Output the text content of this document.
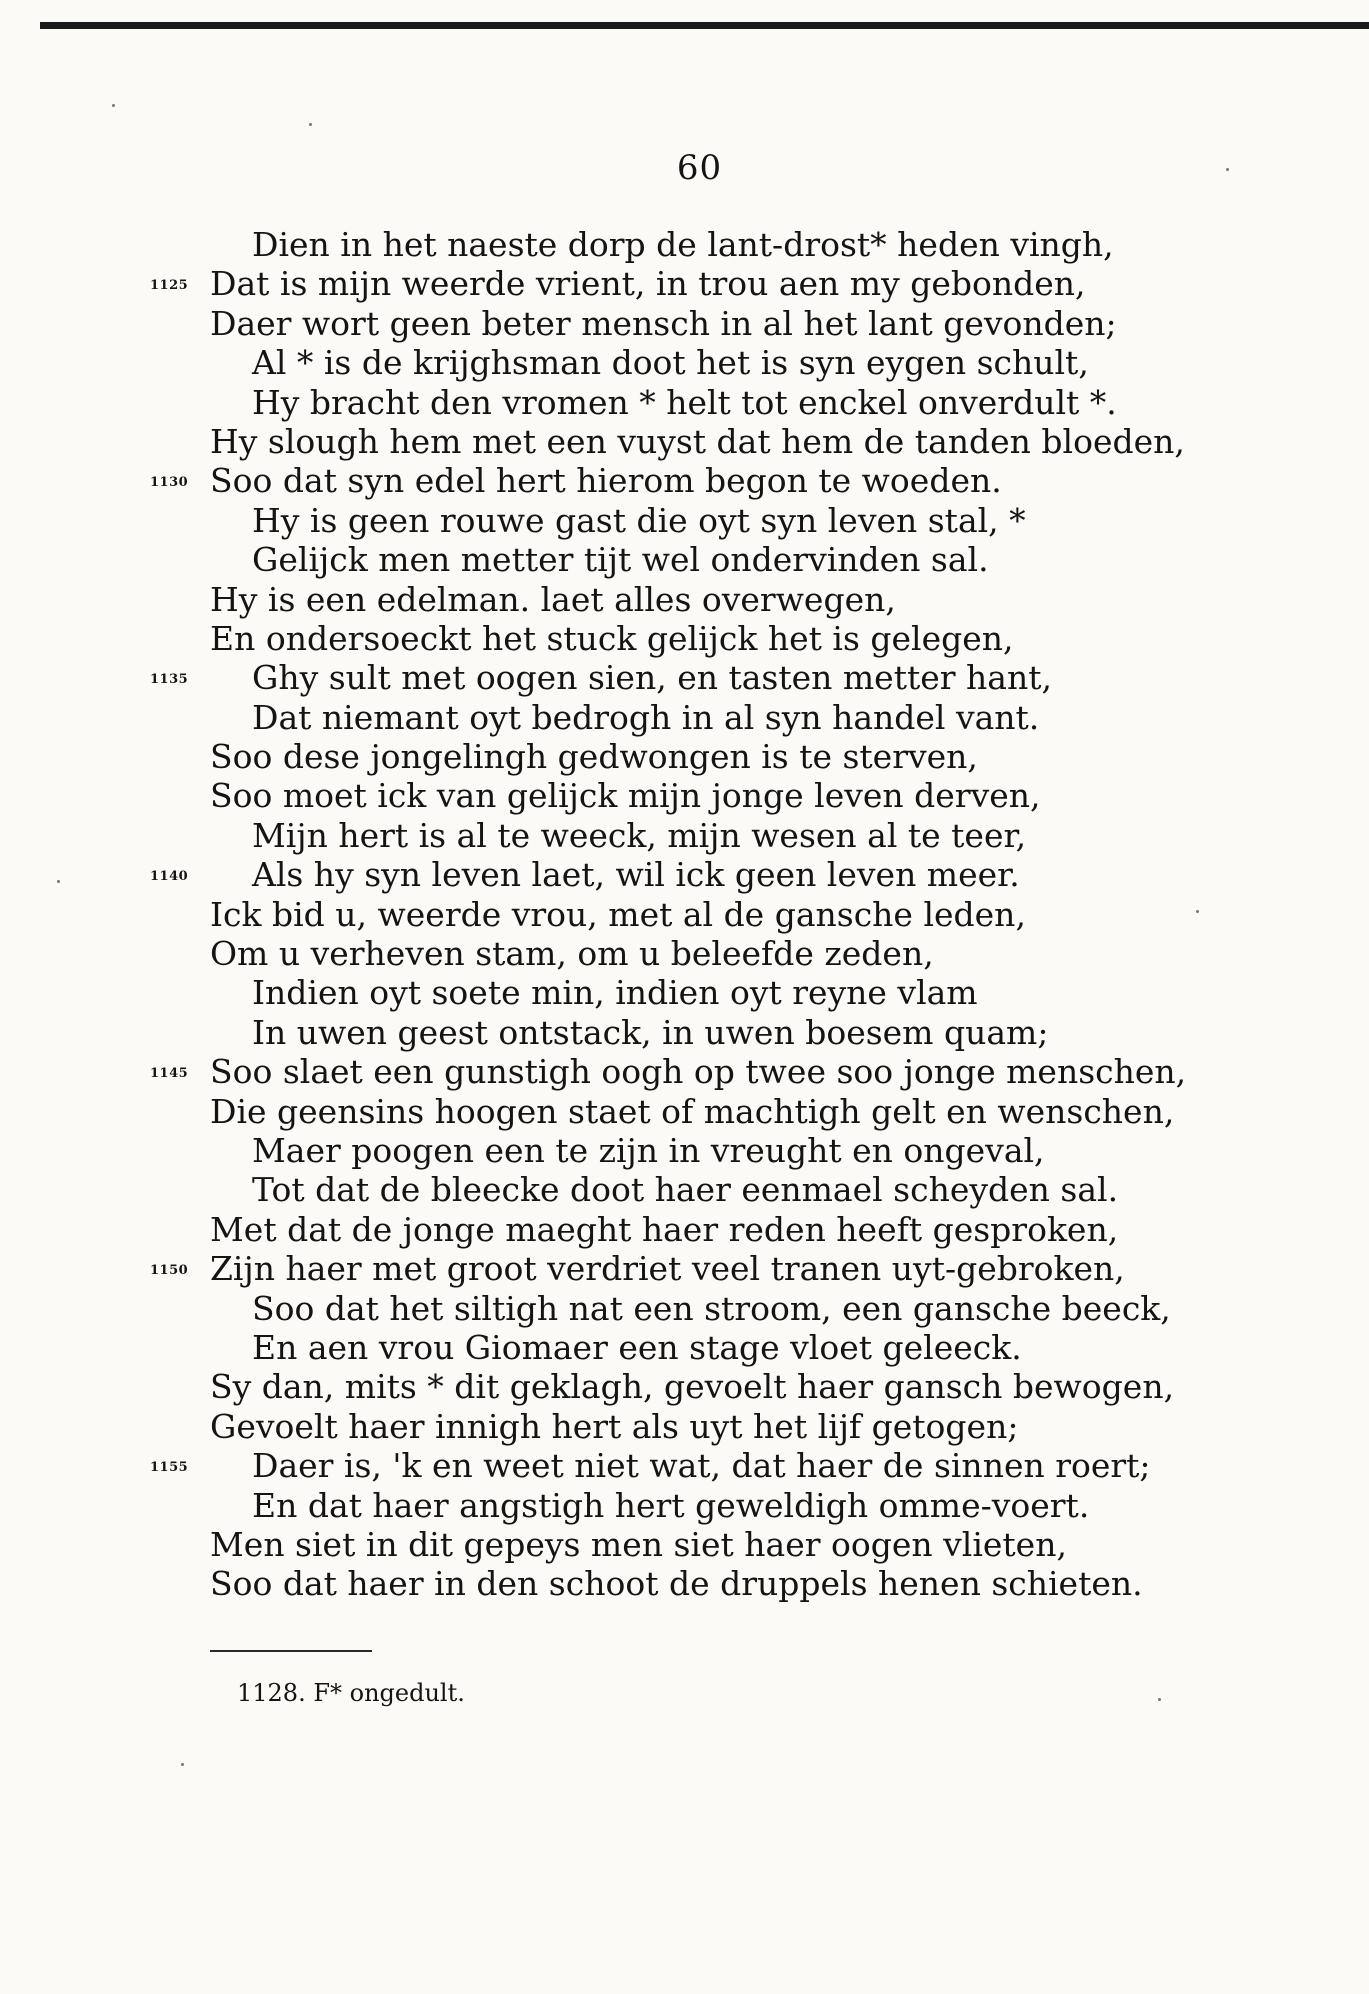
60
Dien in het naeste dorp de lant-drost* heden vingh,
1125 Dat is mijn weerde vrient, in trou aen my gebonden,
Daer wort geen beter mensch in al het lant gevonden;
Al * is de krijghsman doot het is syn eygen schult,
Hy bracht den vromen * helt tot enckel onverdult *.
Hy slough hem met een vuyst dat hem de tanden bloeden,
1130 Soo dat syn edel hert hierom begon te woeden.
Hy is geen rouwe gast die oyt syn leven stal, *
Gelijck men metter tijt wel ondervinden sal.
Hy is een edelman. laet alles overwegen,
En ondersoeckt het stuck gelijck het is gelegen,
1135 Ghy sult met oogen sien, en tasten metter hant,
Dat niemant oyt bedrogh in al syn handel vant.
Soo dese jongelingh gedwongen is te sterven,
Soo moet ick van gelijck mijn jonge leven derven,
Mijn hert is al te weeck, mijn wesen al te teer,
1140 Als hy syn leven laet, wil ick geen leven meer.
Ick bid u, weerde vrou, met al de gansche leden,
Om u verheven stam, om u beleefde zeden,
Indien oyt soete min, indien oyt reyne vlam
In uwen geest ontstack, in uwen boesem quam;
1145 Soo slaet een gunstigh oogh op twee soo jonge menschen,
Die geensins hoogen staet of machtigh gelt en wenschen,
Maer poogen een te zijn in vreught en ongeval,
Tot dat de bleecke doot haer eenmael scheyden sal.
Met dat de jonge maeght haer reden heeft gesproken,
1150 Zijn haer met groot verdriet veel tranen uyt-gebroken,
Soo dat het siltigh nat een stroom, een gansche beeck,
En aen vrou Giomaer een stage vloet geleeck.
Sy dan, mits * dit geklagh, gevoelt haer gansch bewogen,
Gevoelt haer innigh hert als uyt het lijf getogen;
1155 Daer is, 'k en weet niet wat, dat haer de sinnen roert;
En dat haer angstigh hert geweldigh omme-voert.
Men siet in dit gepeys men siet haer oogen vlieten,
Soo dat haer in den schoot de druppels henen schieten.
1128. F* ongedult.
